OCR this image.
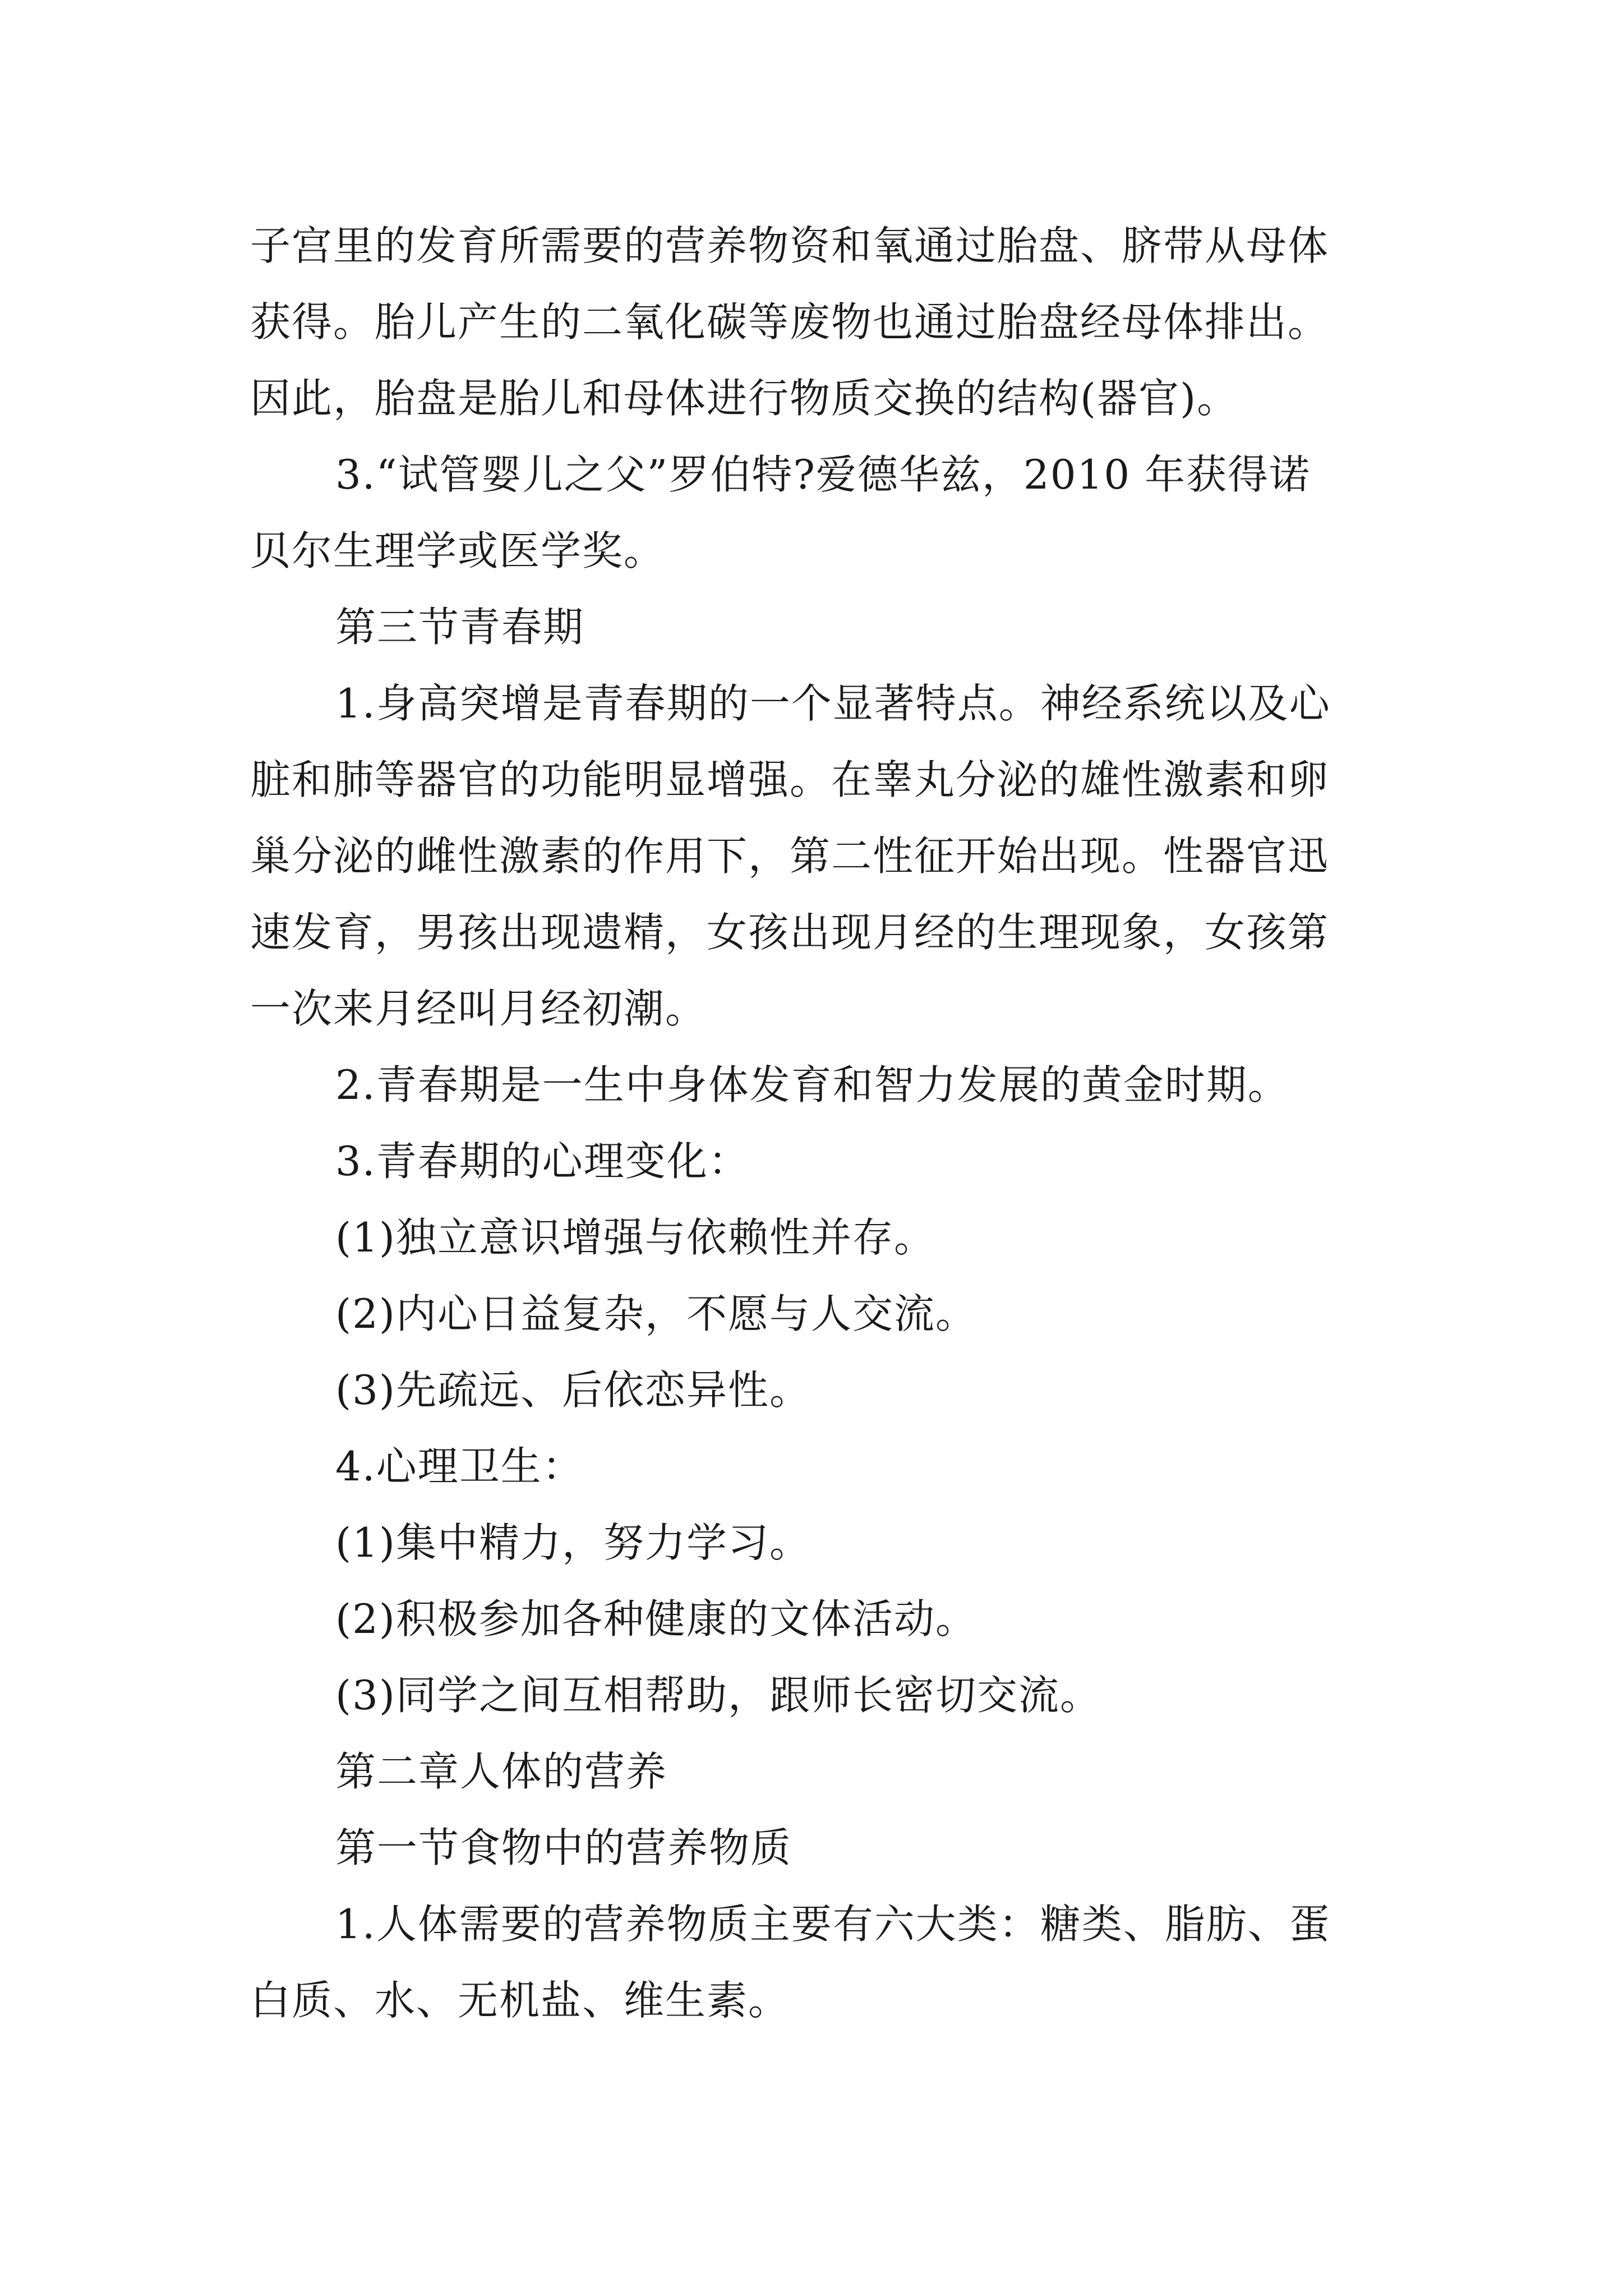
子宫里的发育所需要的营养物资和氧通过胎盘、脐带从母体
获得。胎儿产生的二氧化碳等废物也通过胎盘经母体排出。
因此，胎盘是胎儿和母体进行物质交换的结构(器官)。
3.“试管婴儿之父”罗伯特?爱德华兹，2010 年获得诺
贝尔生理学或医学奖。
第三节青春期
1.身高突增是青春期的一个显著特点。神经系统以及心
脏和肺等器官的功能明显增强。在睾丸分泌的雄性激素和卵
巢分泌的雌性激素的作用下，第二性征开始出现。性器官迅
速发育，男孩出现遗精，女孩出现月经的生理现象，女孩第
一次来月经叫月经初潮。
2.青春期是一生中身体发育和智力发展的黄金时期。
3.青春期的心理变化：
(1)独立意识增强与依赖性并存。
(2)内心日益复杂，不愿与人交流。
(3)先疏远、后依恋异性。
4.心理卫生：
(1)集中精力，努力学习。
(2)积极参加各种健康的文体活动。
(3)同学之间互相帮助，跟师长密切交流。
第二章人体的营养
第一节食物中的营养物质
1.人体需要的营养物质主要有六大类：糖类、脂肪、蛋
白质、水、无机盐、维生素。
